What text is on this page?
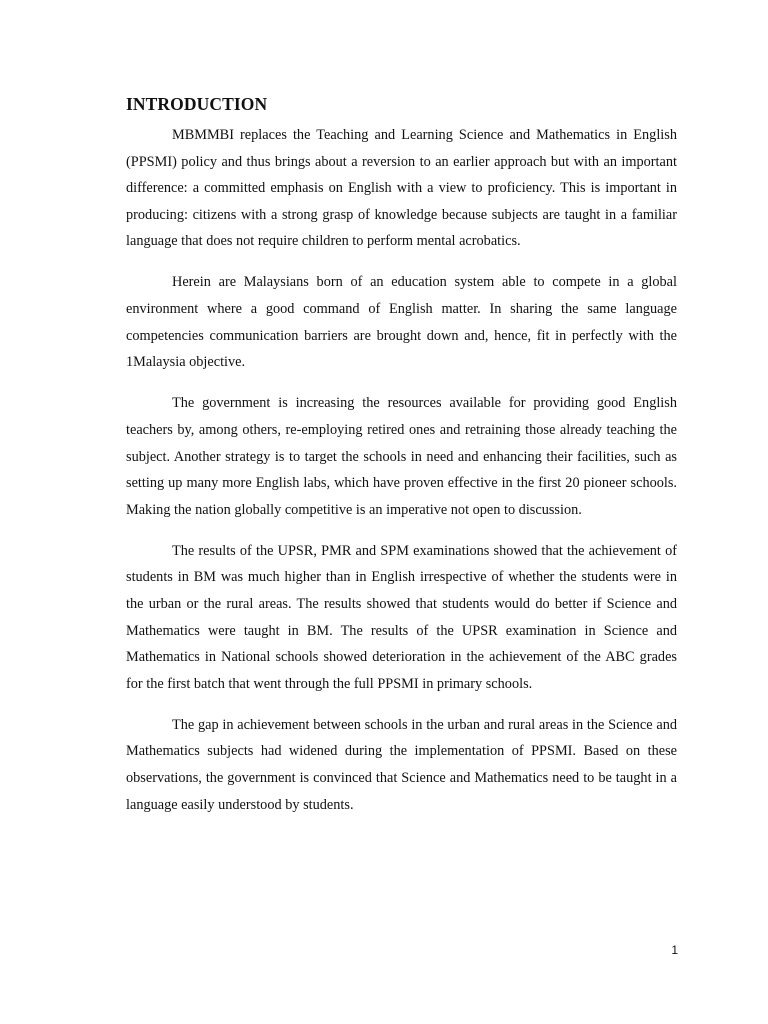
INTRODUCTION

MBMMBI replaces the Teaching and Learning Science and Mathematics in English (PPSMI) policy and thus brings about a reversion to an earlier approach but with an important difference: a committed emphasis on English with a view to proficiency. This is important in producing: citizens with a strong grasp of knowledge because subjects are taught in a familiar language that does not require children to perform mental acrobatics.

Herein are Malaysians born of an education system able to compete in a global environment where a good command of English matter. In sharing the same language competencies communication barriers are brought down and, hence, fit in perfectly with the 1Malaysia objective.

The government is increasing the resources available for providing good English teachers by, among others, re-employing retired ones and retraining those already teaching the subject. Another strategy is to target the schools in need and enhancing their facilities, such as setting up many more English labs, which have proven effective in the first 20 pioneer schools. Making the nation globally competitive is an imperative not open to discussion.

The results of the UPSR, PMR and SPM examinations showed that the achievement of students in BM was much higher than in English irrespective of whether the students were in the urban or the rural areas. The results showed that students would do better if Science and Mathematics were taught in BM. The results of the UPSR examination in Science and Mathematics in National schools showed deterioration in the achievement of the ABC grades for the first batch that went through the full PPSMI in primary schools.

The gap in achievement between schools in the urban and rural areas in the Science and Mathematics subjects had widened during the implementation of PPSMI. Based on these observations, the government is convinced that Science and Mathematics need to be taught in a language easily understood by students.

1
